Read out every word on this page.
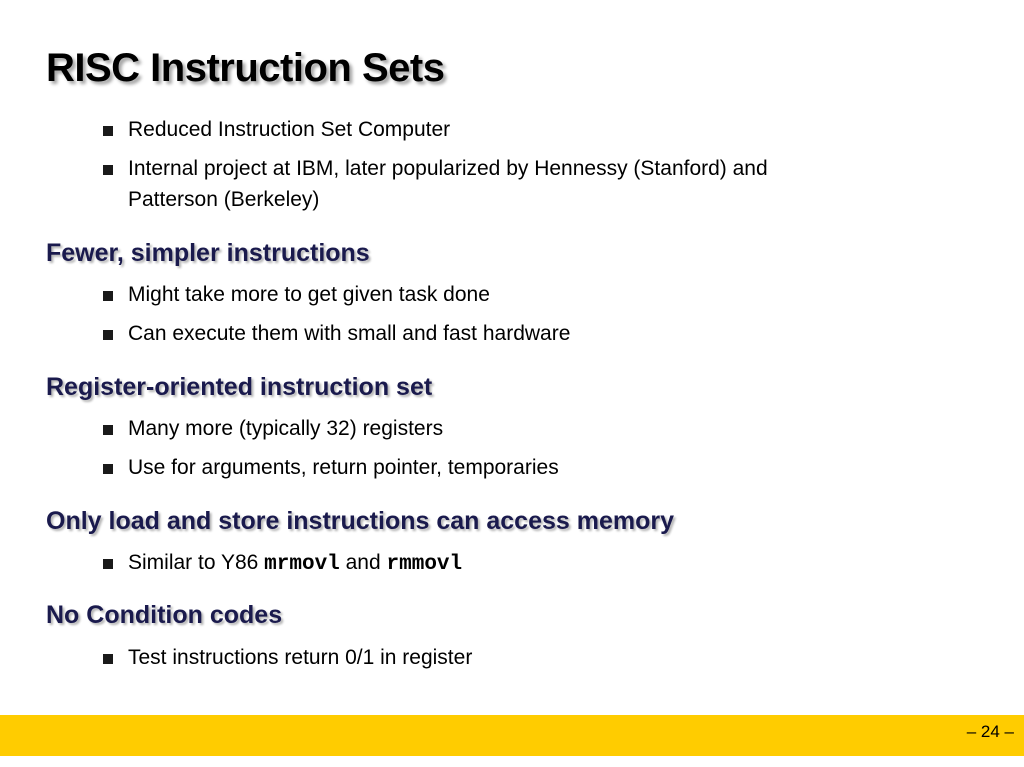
RISC Instruction Sets

Reduced Instruction Set Computer

Internal project at IBM, later popularized by Hennessy (Stanford) and

Patterson (Berkeley)

Fewer, simpler instructions

Might take more to get given task done

Can execute them with small and fast hardware

Register-oriented instruction set

Many more (typically 32) registers

Use for arguments, return pointer, temporaries

Only load and store instructions can access memory

Similar to Y86 mrmovl and rmmovl

No Condition codes

Test instructions return 0/1 in register

– 24 –
